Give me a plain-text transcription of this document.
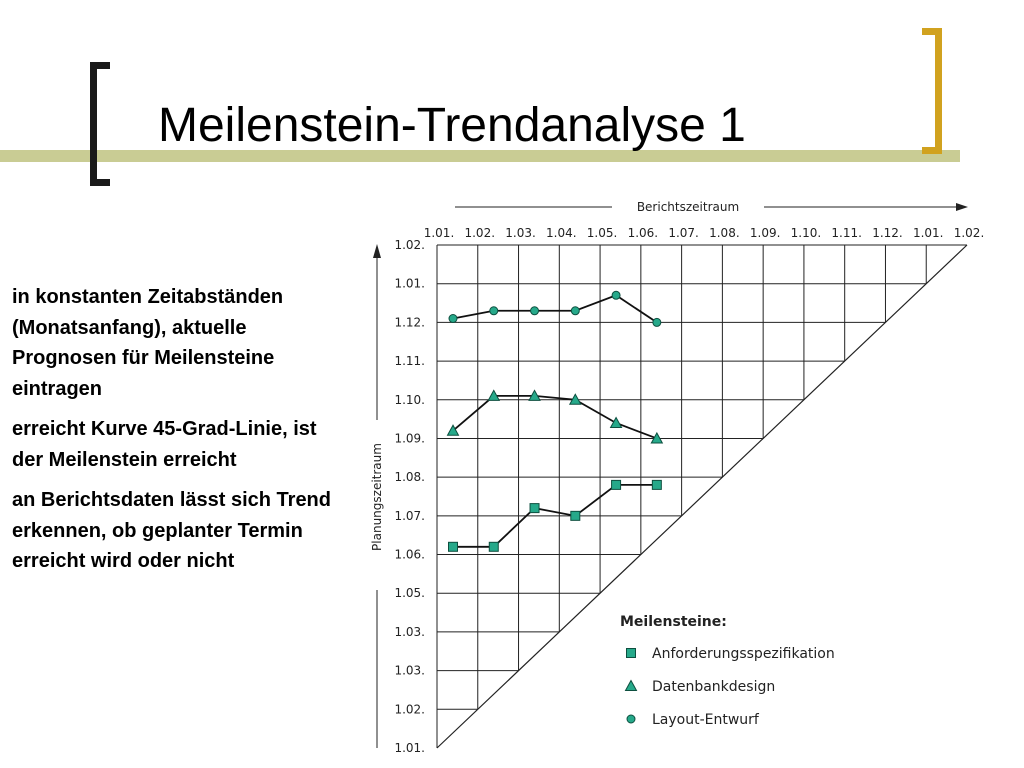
Meilenstein-Trendanalyse 1

in konstanten Zeitabständen (Monatsanfang), aktuelle Prognosen für Meilensteine eintragen

erreicht Kurve 45-Grad-Linie, ist der Meilenstein erreicht

an Berichtsdaten lässt sich Trend erkennen, ob geplanter Termin erreicht wird oder nicht

1.01. 1.02. 1.03. 1.04. 1.05. 1.06. 1.07. 1.08. 1.09. 1.10. 1.11. 1.12. 1.01. 1.02.
1.01.
1.02.
1.03.
1.03.
1.05.
1.06.
1.07.
1.08.
1.09.
1.10.
1.11.
1.12.
1.01.
1.02.
Berichtszeitraum
Planungszeitraum
Meilensteine:
Anforderungsspezifikation
Datenbankdesign
Layout-Entwurf
